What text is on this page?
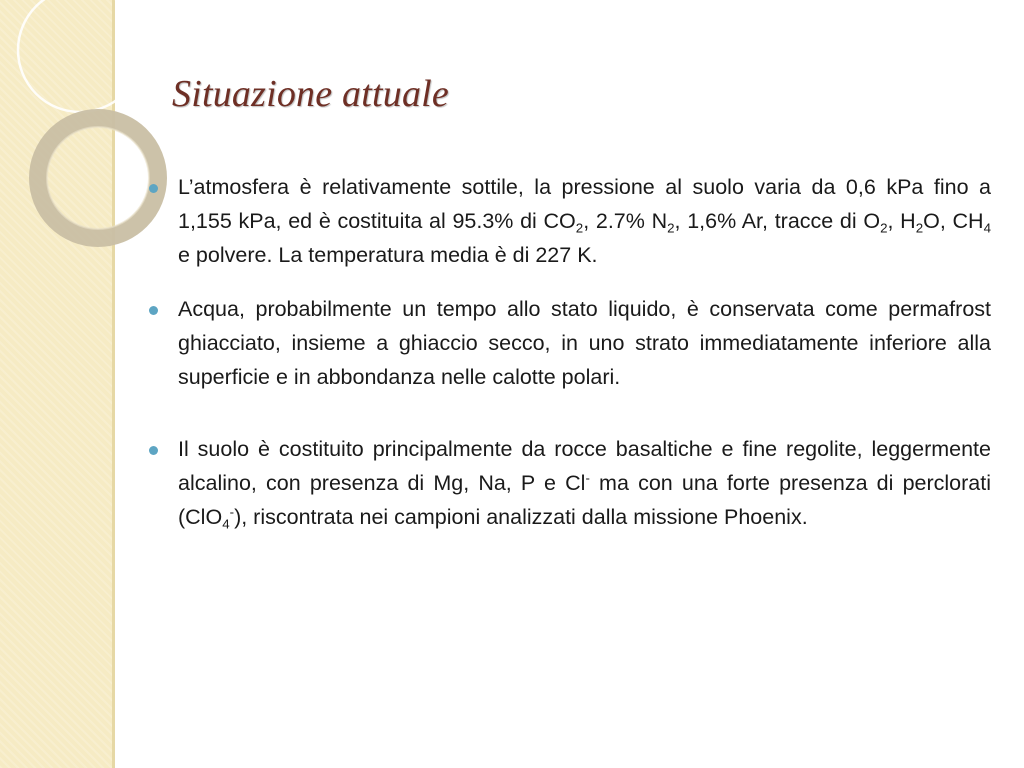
Situazione attuale
L’atmosfera è relativamente sottile, la pressione al suolo varia da 0,6 kPa fino a 1,155 kPa, ed è costituita al 95.3% di $CO_2$, 2.7% $N_2$, 1,6% Ar, tracce di $O_2$, $H_2O$, $CH_4$ e polvere. La temperatura media è di 227 K.
Acqua, probabilmente un tempo allo stato liquido, è conservata come permafrost ghiacciato, insieme a ghiaccio secco, in uno strato immediatamente inferiore alla superficie e in abbondanza nelle calotte polari.
Il suolo è costituito principalmente da rocce basaltiche e fine regolite, leggermente alcalino, con presenza di Mg, Na, P e Cl- ma con una forte presenza di perclorati (ClO$_4$-), riscontrata nei campioni analizzati dalla missione Phoenix.
